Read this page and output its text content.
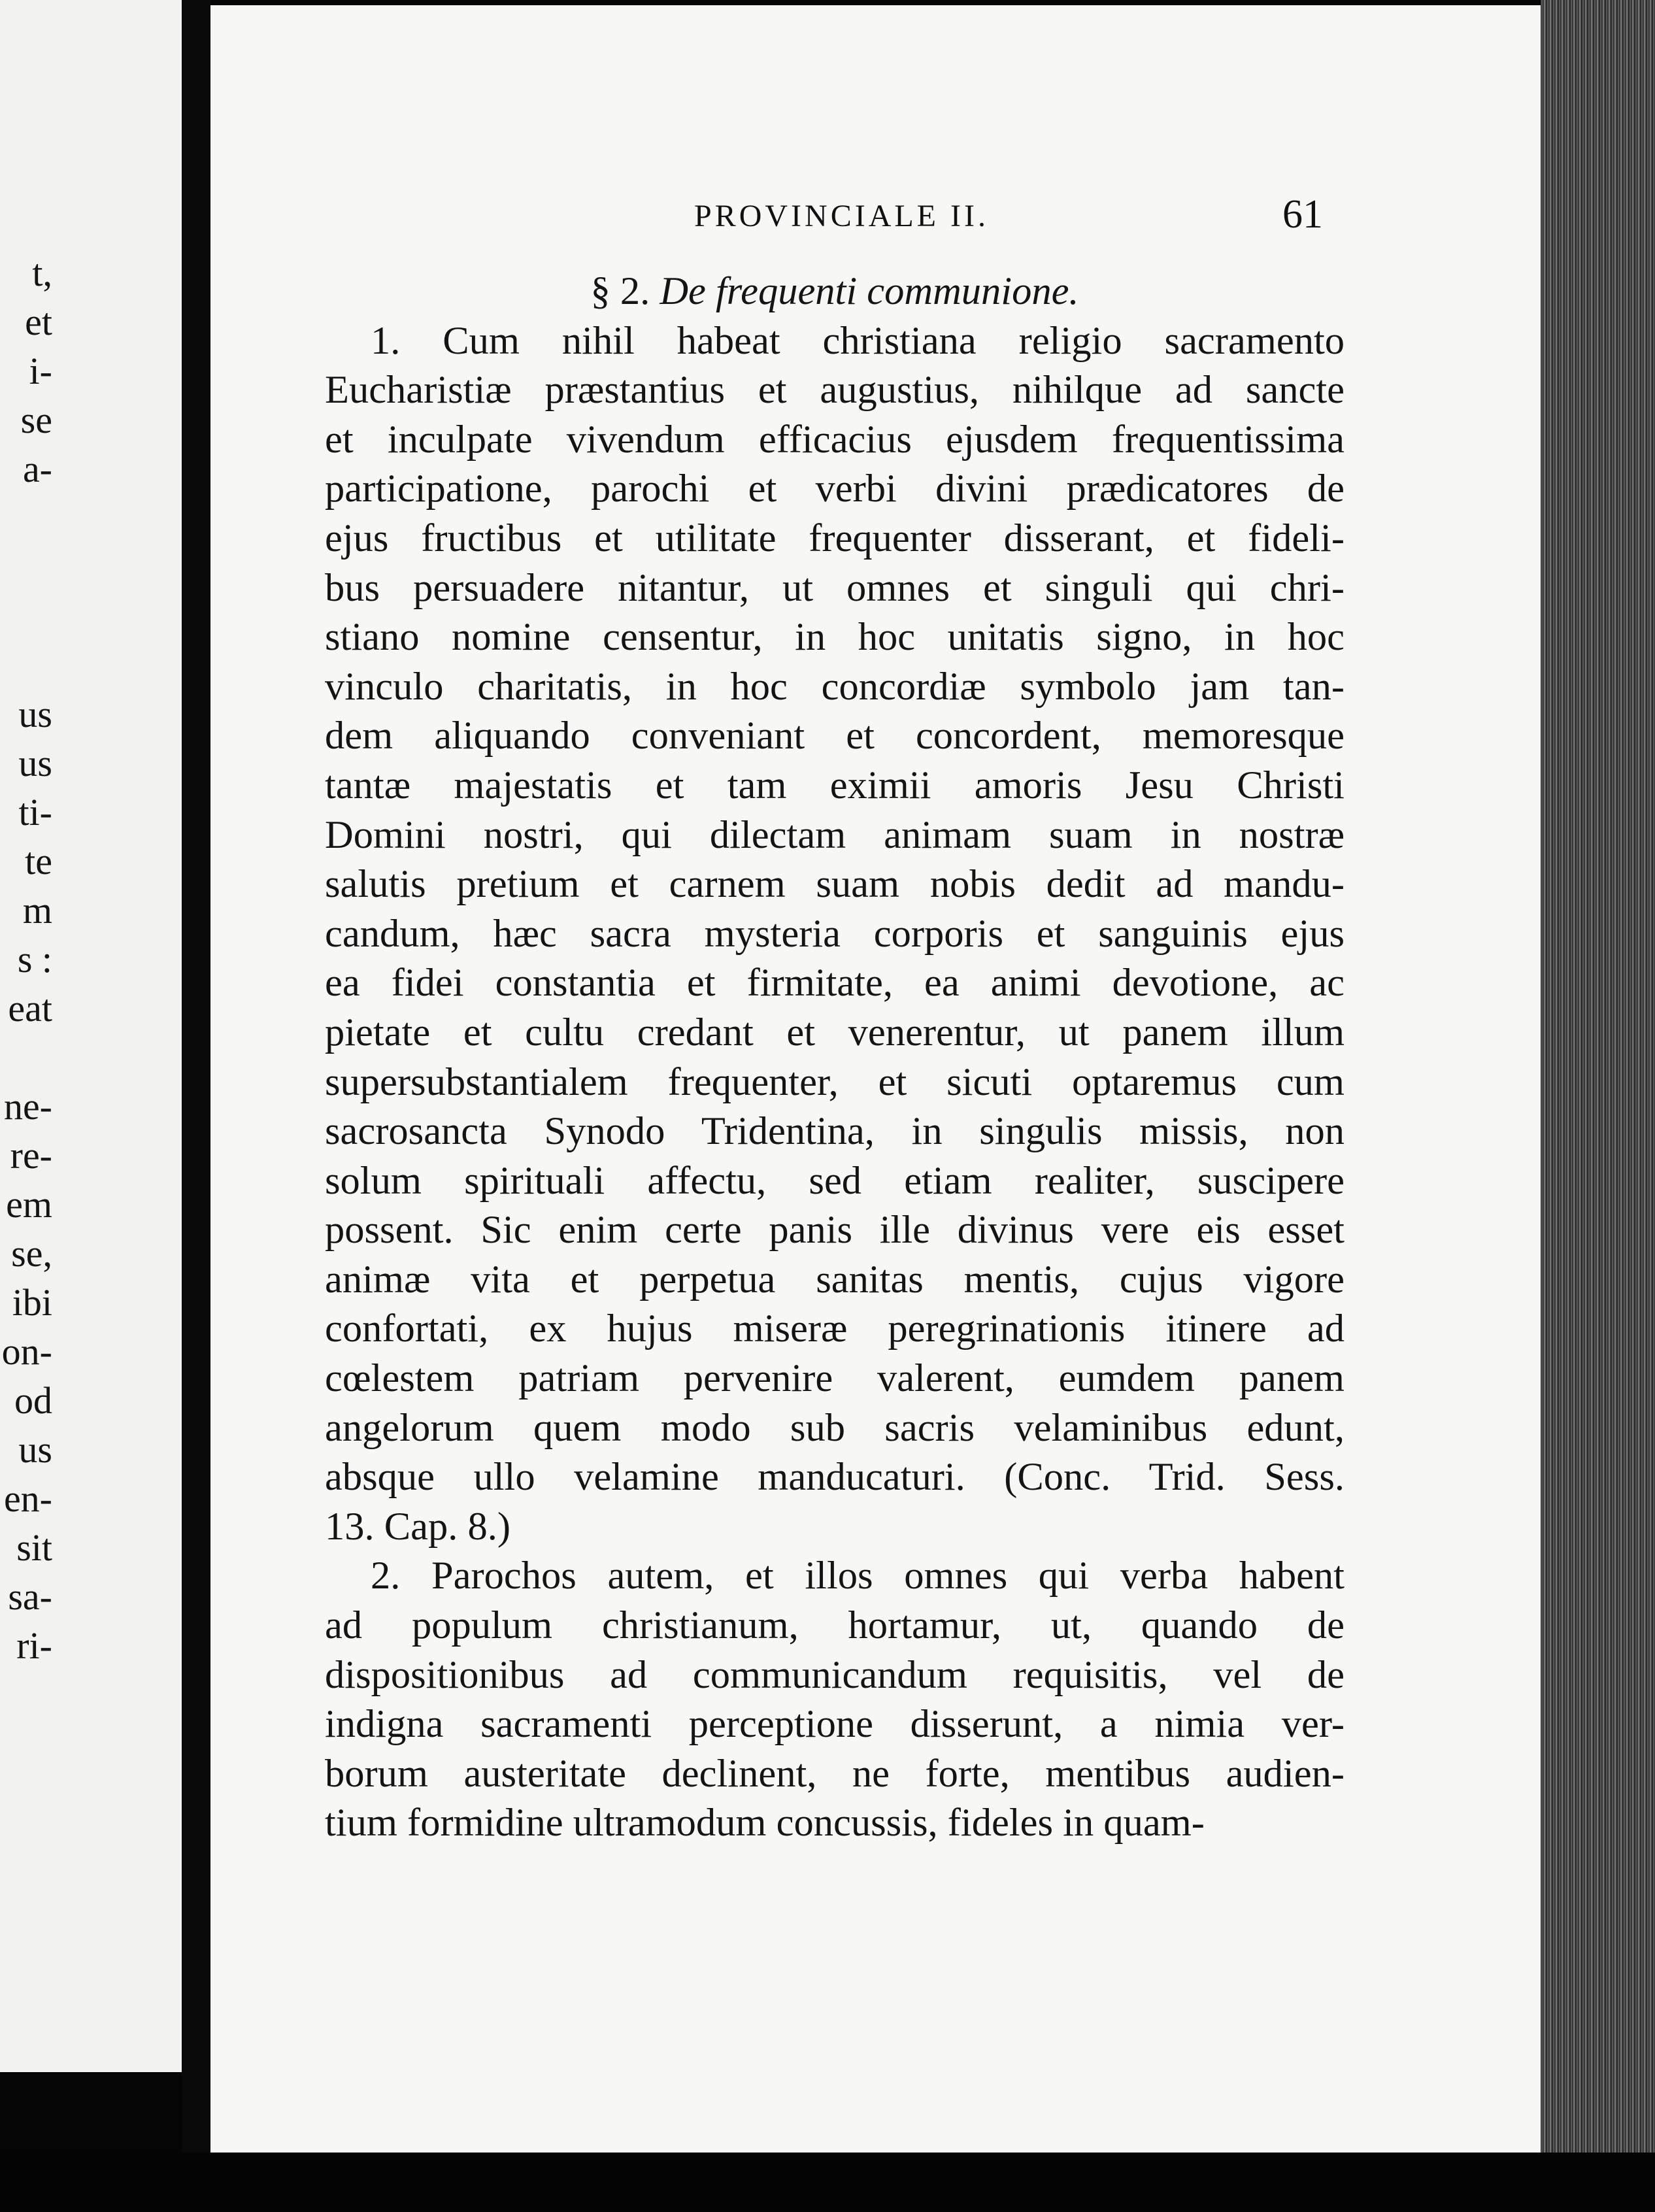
t,
et
i-
se
a-
us
us
ti-
te
m
s :
eat
ne-
re-
em
se,
ibi
on-
od
us
en-
sit
sa-
ri-
PROVINCIALE II.	61
§ 2. De frequenti communione.
1. Cum nihil habeat christiana religio sacramento
Eucharistiæ præstantius et augustius, nihilque ad sancte
et inculpate vivendum efficacius ejusdem frequentissima
participatione, parochi et verbi divini prædicatores de
ejus fructibus et utilitate frequenter disserant, et fideli-
bus persuadere nitantur, ut omnes et singuli qui chri-
stiano nomine censentur, in hoc unitatis signo, in hoc
vinculo charitatis, in hoc concordiæ symbolo jam tan-
dem aliquando conveniant et concordent, memoresque
tantæ majestatis et tam eximii amoris Jesu Christi
Domini nostri, qui dilectam animam suam in nostræ
salutis pretium et carnem suam nobis dedit ad mandu-
candum, hæc sacra mysteria corporis et sanguinis ejus
ea fidei constantia et firmitate, ea animi devotione, ac
pietate et cultu credant et venerentur, ut panem illum
supersubstantialem frequenter, et sicuti optaremus cum
sacrosancta Synodo Tridentina, in singulis missis, non
solum spirituali affectu, sed etiam realiter, suscipere
possent. Sic enim certe panis ille divinus vere eis esset
animæ vita et perpetua sanitas mentis, cujus vigore
confortati, ex hujus miseræ peregrinationis itinere ad
cœlestem patriam pervenire valerent, eumdem panem
angelorum quem modo sub sacris velaminibus edunt,
absque ullo velamine manducaturi. (Conc. Trid. Sess.
13. Cap. 8.)
2. Parochos autem, et illos omnes qui verba habent
ad populum christianum, hortamur, ut, quando de
dispositionibus ad communicandum requisitis, vel de
indigna sacramenti perceptione disserunt, a nimia ver-
borum austeritate declinent, ne forte, mentibus audien-
tium formidine ultramodum concussis, fideles in quam-
